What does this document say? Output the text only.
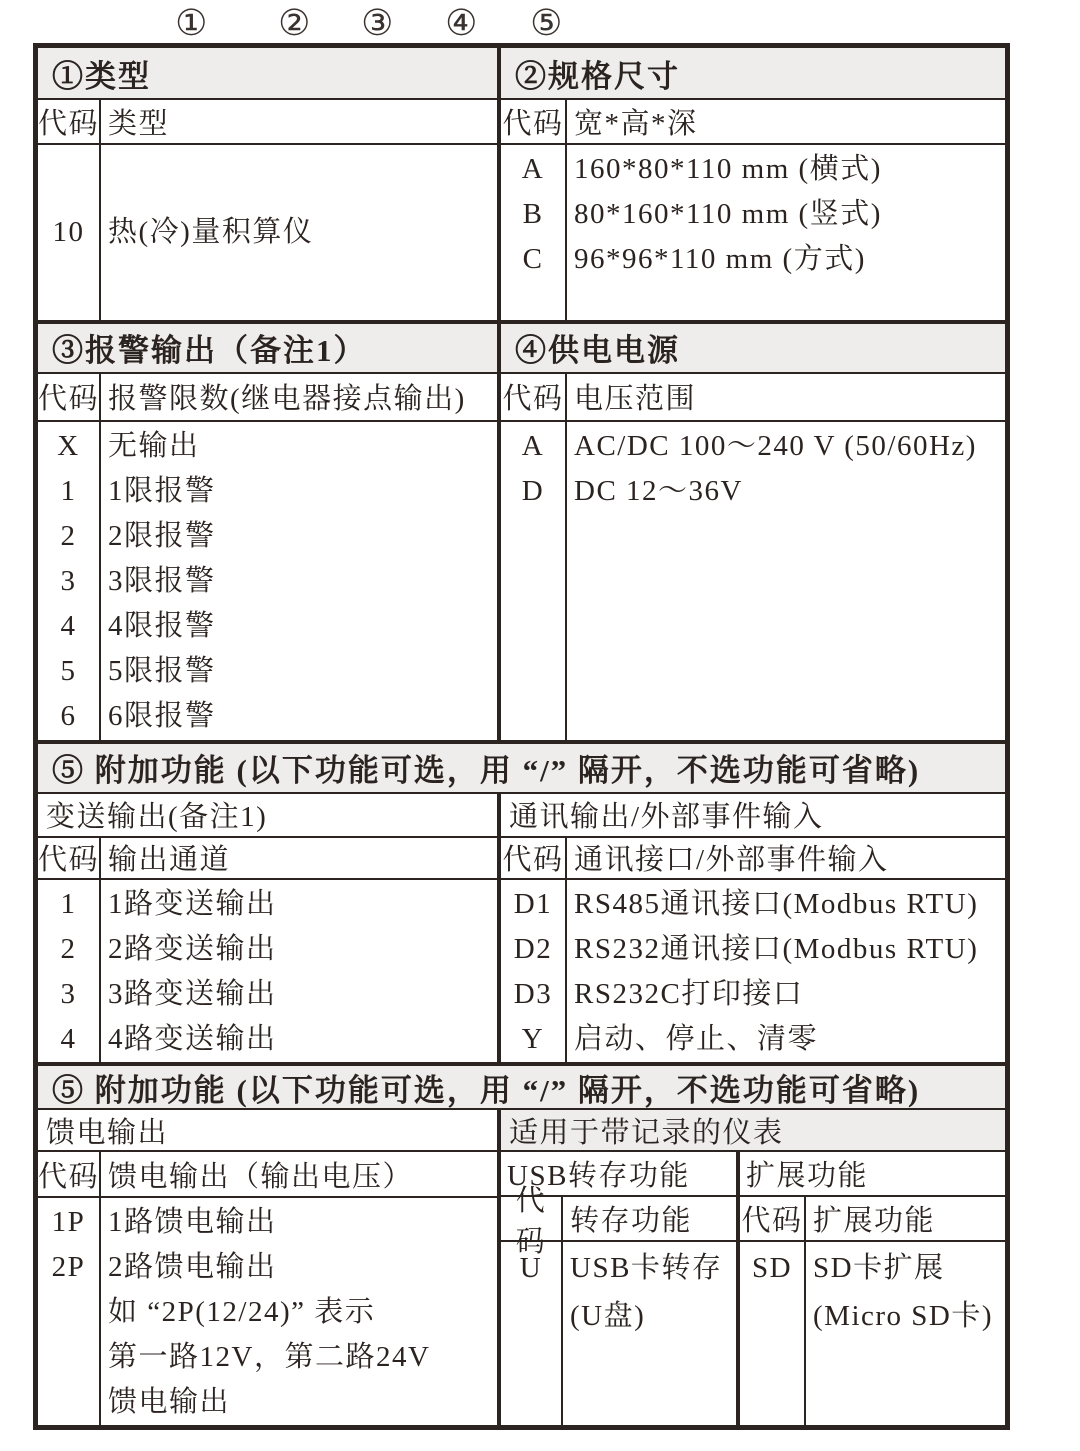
① ② ③ ④ ⑤
①类型
代码 类型
10 热(冷)量积算仪
②规格尺寸
代码 宽*高*深
A
B
C
160*80*110 mm (横式)
80*160*110 mm (竖式)
96*96*110 mm (方式)
③报警输出（备注1）
代码 报警限数(继电器接点输出)
X
1
2
3
4
5
6
无输出
1限报警
2限报警
3限报警
4限报警
5限报警
6限报警
④供电电源
代码 电压范围
A
D
AC/DC 100～240 V (50/60Hz)
DC 12～36V
⑤ 附加功能 (以下功能可选，用 “/” 隔开，不选功能可省略)
变送输出(备注1)
代码 输出通道
1
2
3
4
1路变送输出
2路变送输出
3路变送输出
4路变送输出
通讯输出/外部事件输入
代码 通讯接口/外部事件输入
D1
D2
D3
Y
RS485通讯接口(Modbus RTU)
RS232通讯接口(Modbus RTU)
RS232C打印接口
启动、停止、清零
⑤ 附加功能 (以下功能可选，用 “/” 隔开，不选功能可省略)
馈电输出
代码 馈电输出（输出电压）
1P
2P
1路馈电输出
2路馈电输出
如 “2P(12/24)” 表示
第一路12V，第二路24V
馈电输出
适用于带记录的仪表
USB转存功能
代码
转存功能
U USB卡转存
(U盘)
扩展功能
代码 扩展功能
SD SD卡扩展
(Micro SD卡)
